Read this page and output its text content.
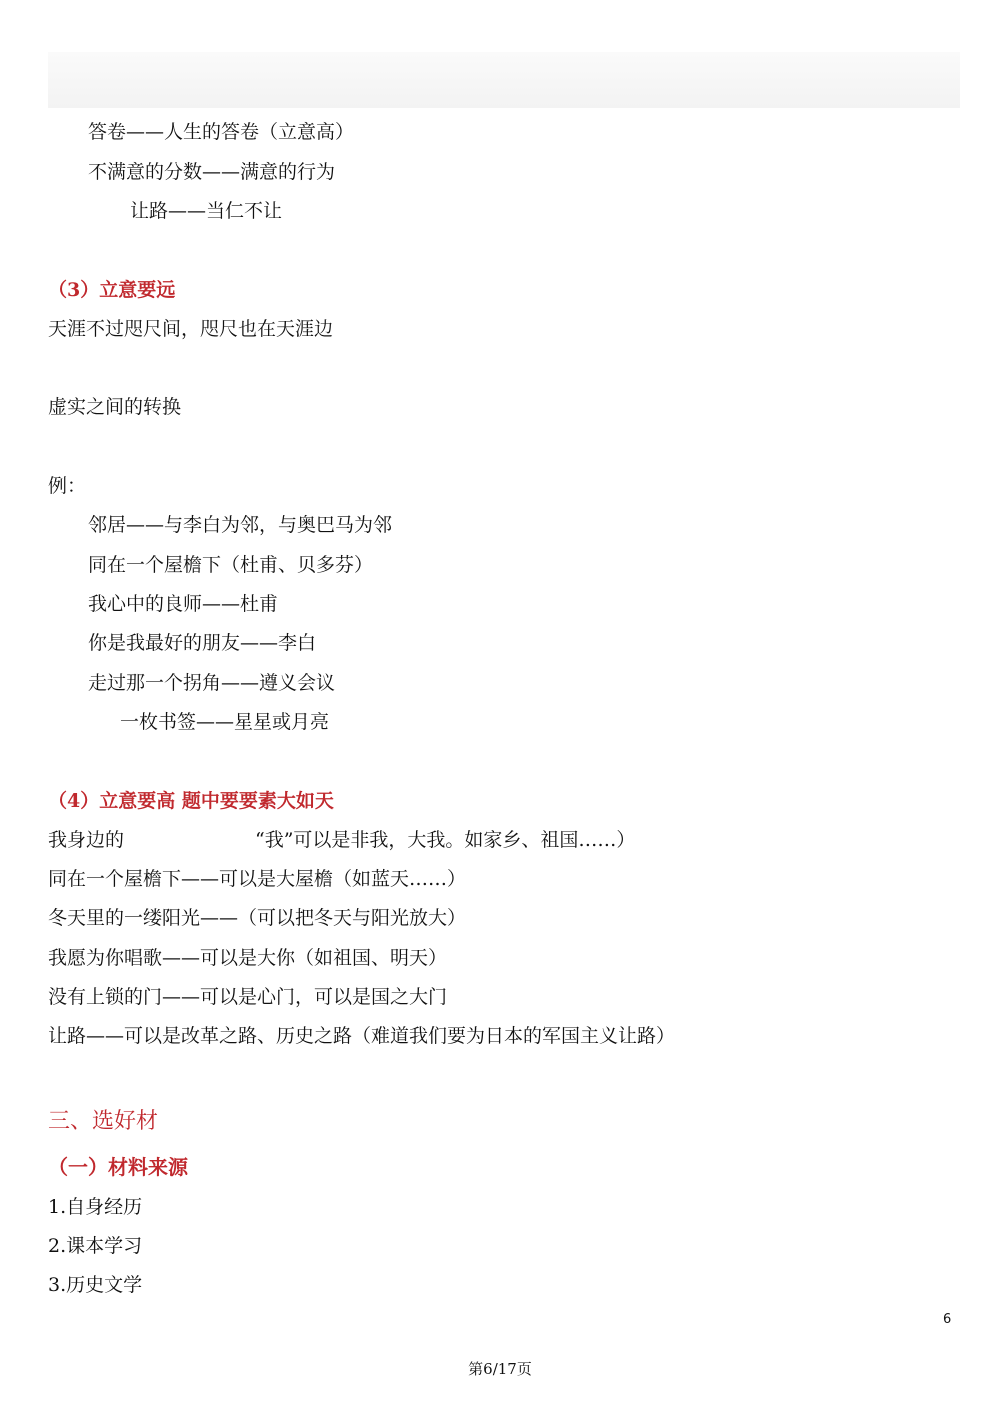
答卷——人生的答卷（立意高）
不满意的分数——满意的行为
让路——当仁不让
（3）立意要远
天涯不过咫尺间，咫尺也在天涯边
虚实之间的转换
例：
邻居——与李白为邻，与奥巴马为邻
同在一个屋檐下（杜甫、贝多芬）
我心中的良师——杜甫
你是我最好的朋友——李白
走过那一个拐角——遵义会议
一枚书签——星星或月亮
（4）立意要高 题中要要素大如天
我身边的	“我”可以是非我，大我。如家乡、祖国……）
同在一个屋檐下——可以是大屋檐（如蓝天……）
冬天里的一缕阳光——（可以把冬天与阳光放大）
我愿为你唱歌——可以是大你（如祖国、明天）
没有上锁的门——可以是心门，可以是国之大门
让路——可以是改革之路、历史之路（难道我们要为日本的军国主义让路）
三、选好材
（一）材料来源
1.自身经历
2.课本学习
3.历史文学
6
第6/17页
